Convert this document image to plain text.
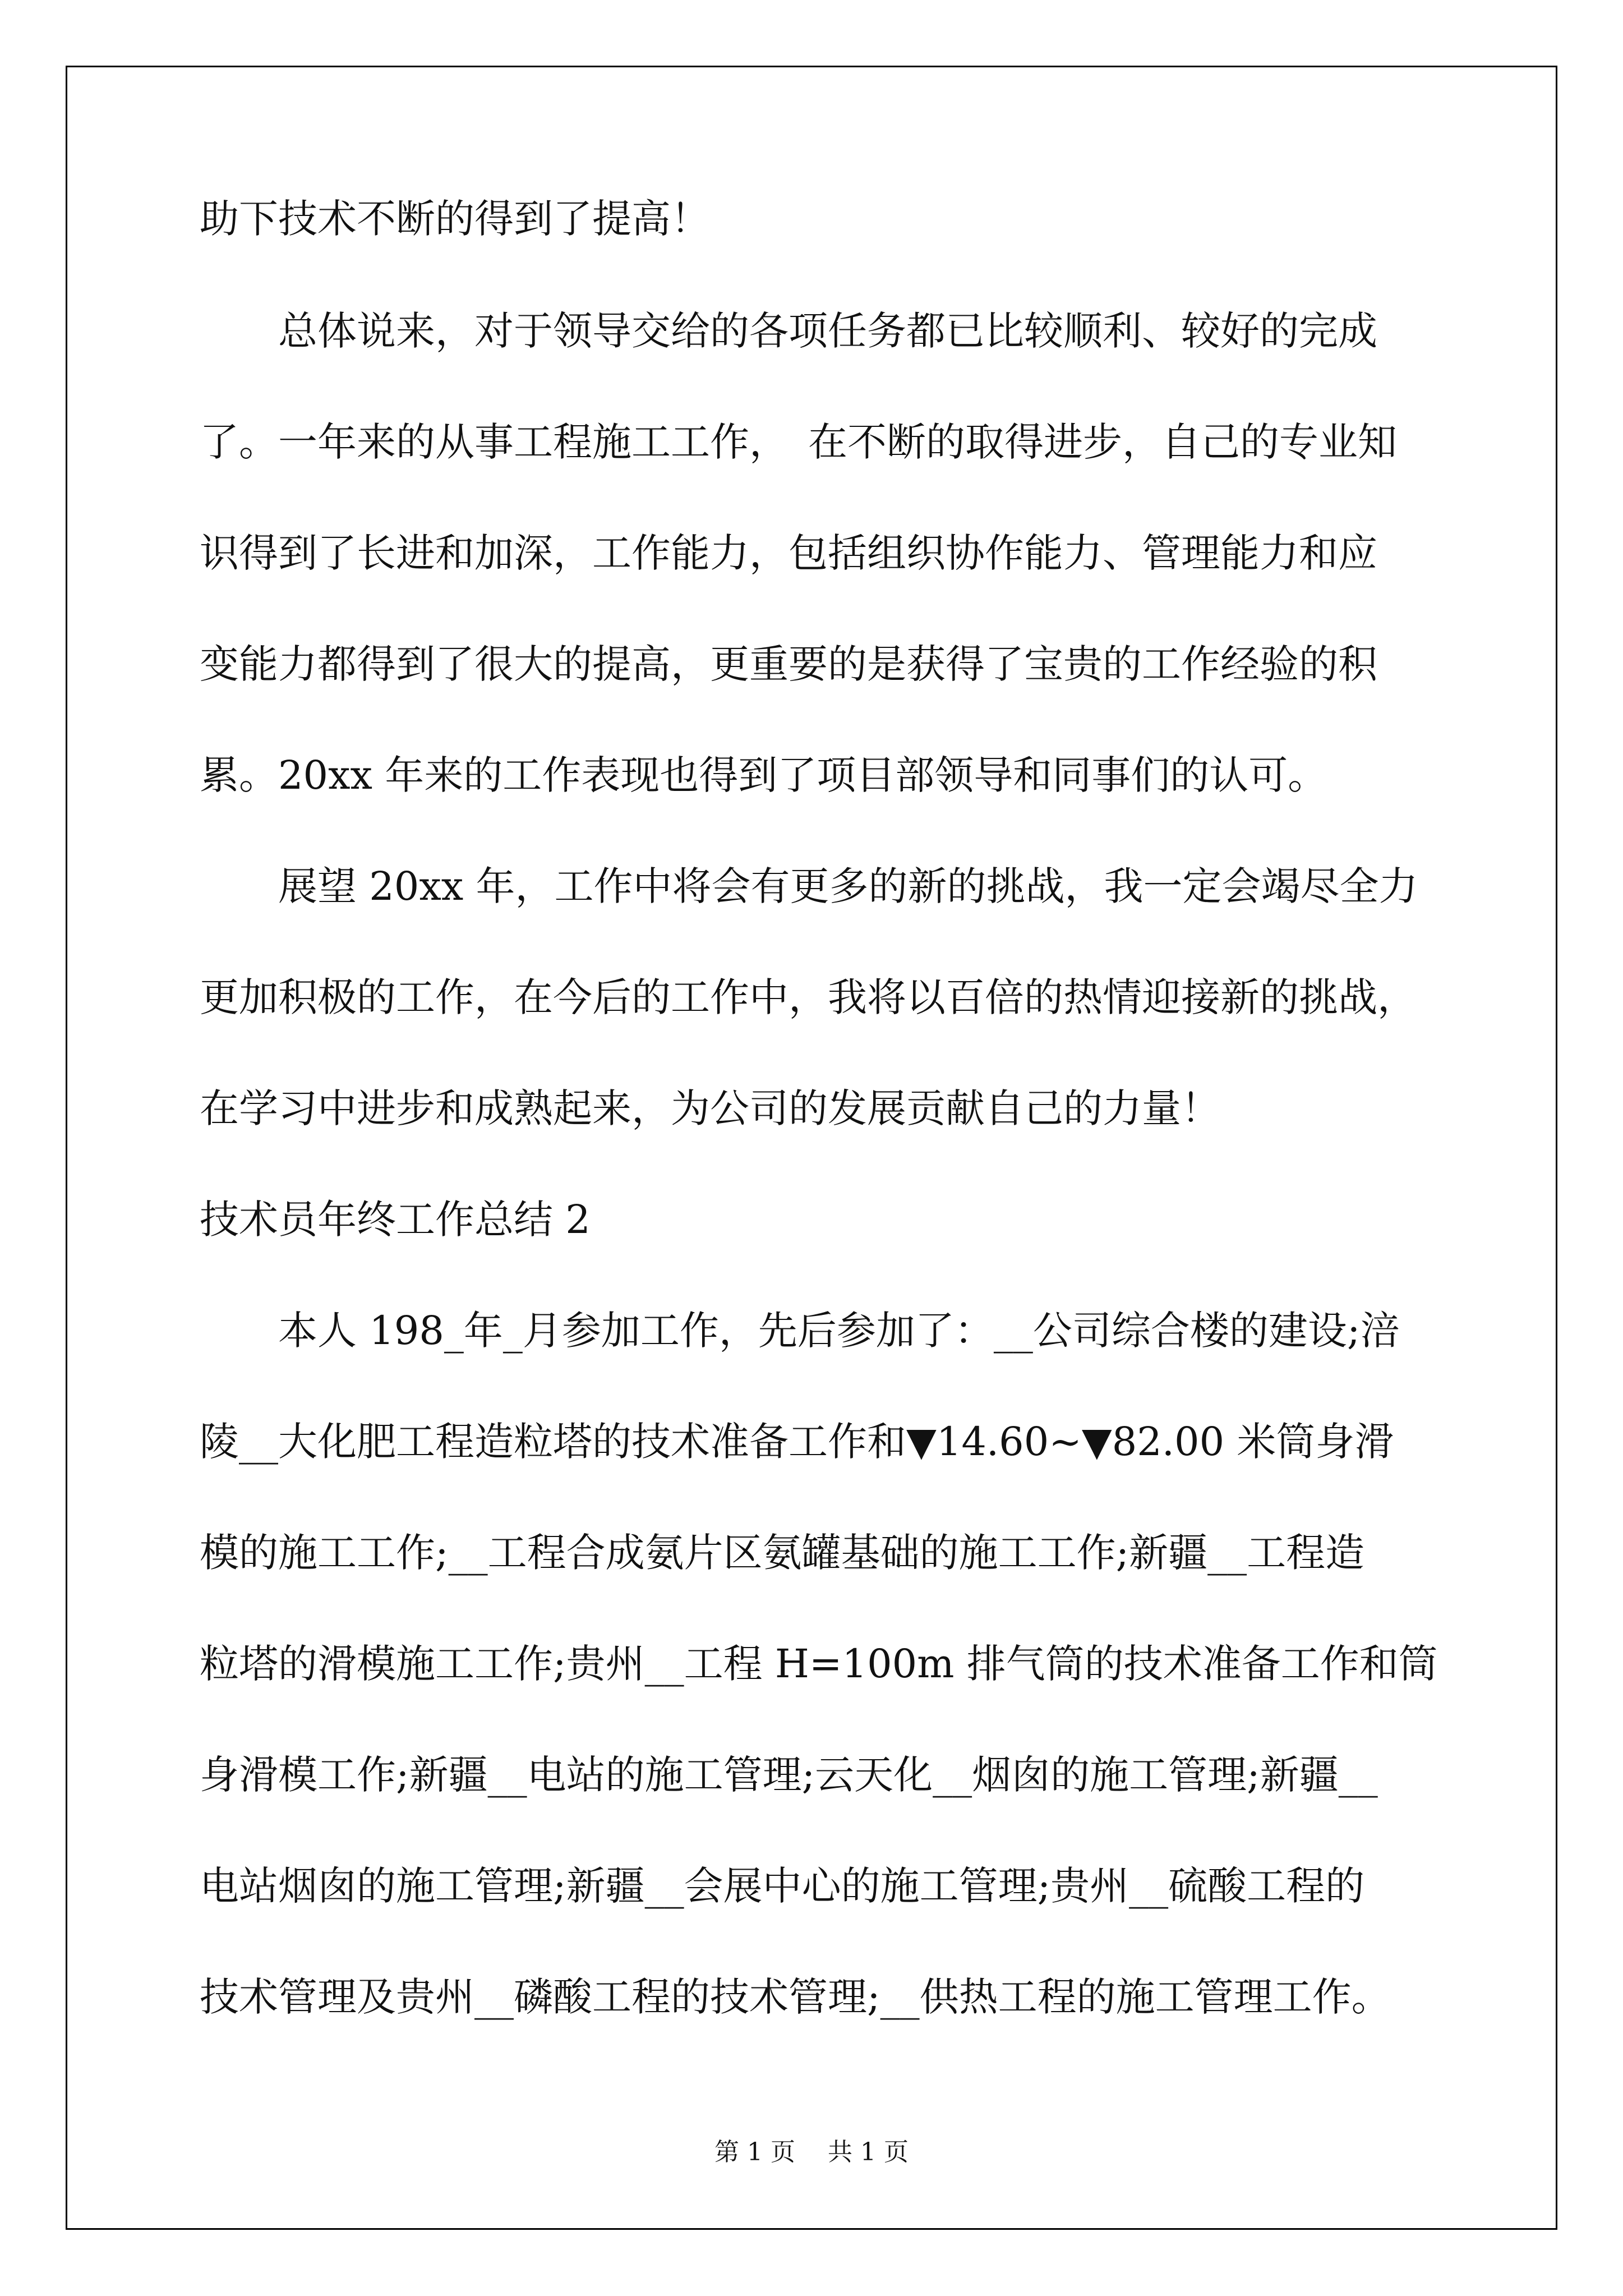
助下技术不断的得到了提高！
　　总体说来，对于领导交给的各项任务都已比较顺利、较好的完成
了。一年来的从事工程施工工作，　在不断的取得进步，自己的专业知
识得到了长进和加深，工作能力，包括组织协作能力、管理能力和应
变能力都得到了很大的提高，更重要的是获得了宝贵的工作经验的积
累。20xx 年来的工作表现也得到了项目部领导和同事们的认可。
　　展望 20xx 年，工作中将会有更多的新的挑战，我一定会竭尽全力
更加积极的工作，在今后的工作中，我将以百倍的热情迎接新的挑战，
在学习中进步和成熟起来，为公司的发展贡献自己的力量！
技术员年终工作总结 2
　　本人 198_年_月参加工作，先后参加了：__公司综合楼的建设;涪
陵__大化肥工程造粒塔的技术准备工作和▼14.60~▼82.00 米筒身滑
模的施工工作;__工程合成氨片区氨罐基础的施工工作;新疆__工程造
粒塔的滑模施工工作;贵州__工程 H=100m 排气筒的技术准备工作和筒
身滑模工作;新疆__电站的施工管理;云天化__烟囱的施工管理;新疆__
电站烟囱的施工管理;新疆__会展中心的施工管理;贵州__硫酸工程的
技术管理及贵州__磷酸工程的技术管理;__供热工程的施工管理工作。
第 1 页　 共 1 页
